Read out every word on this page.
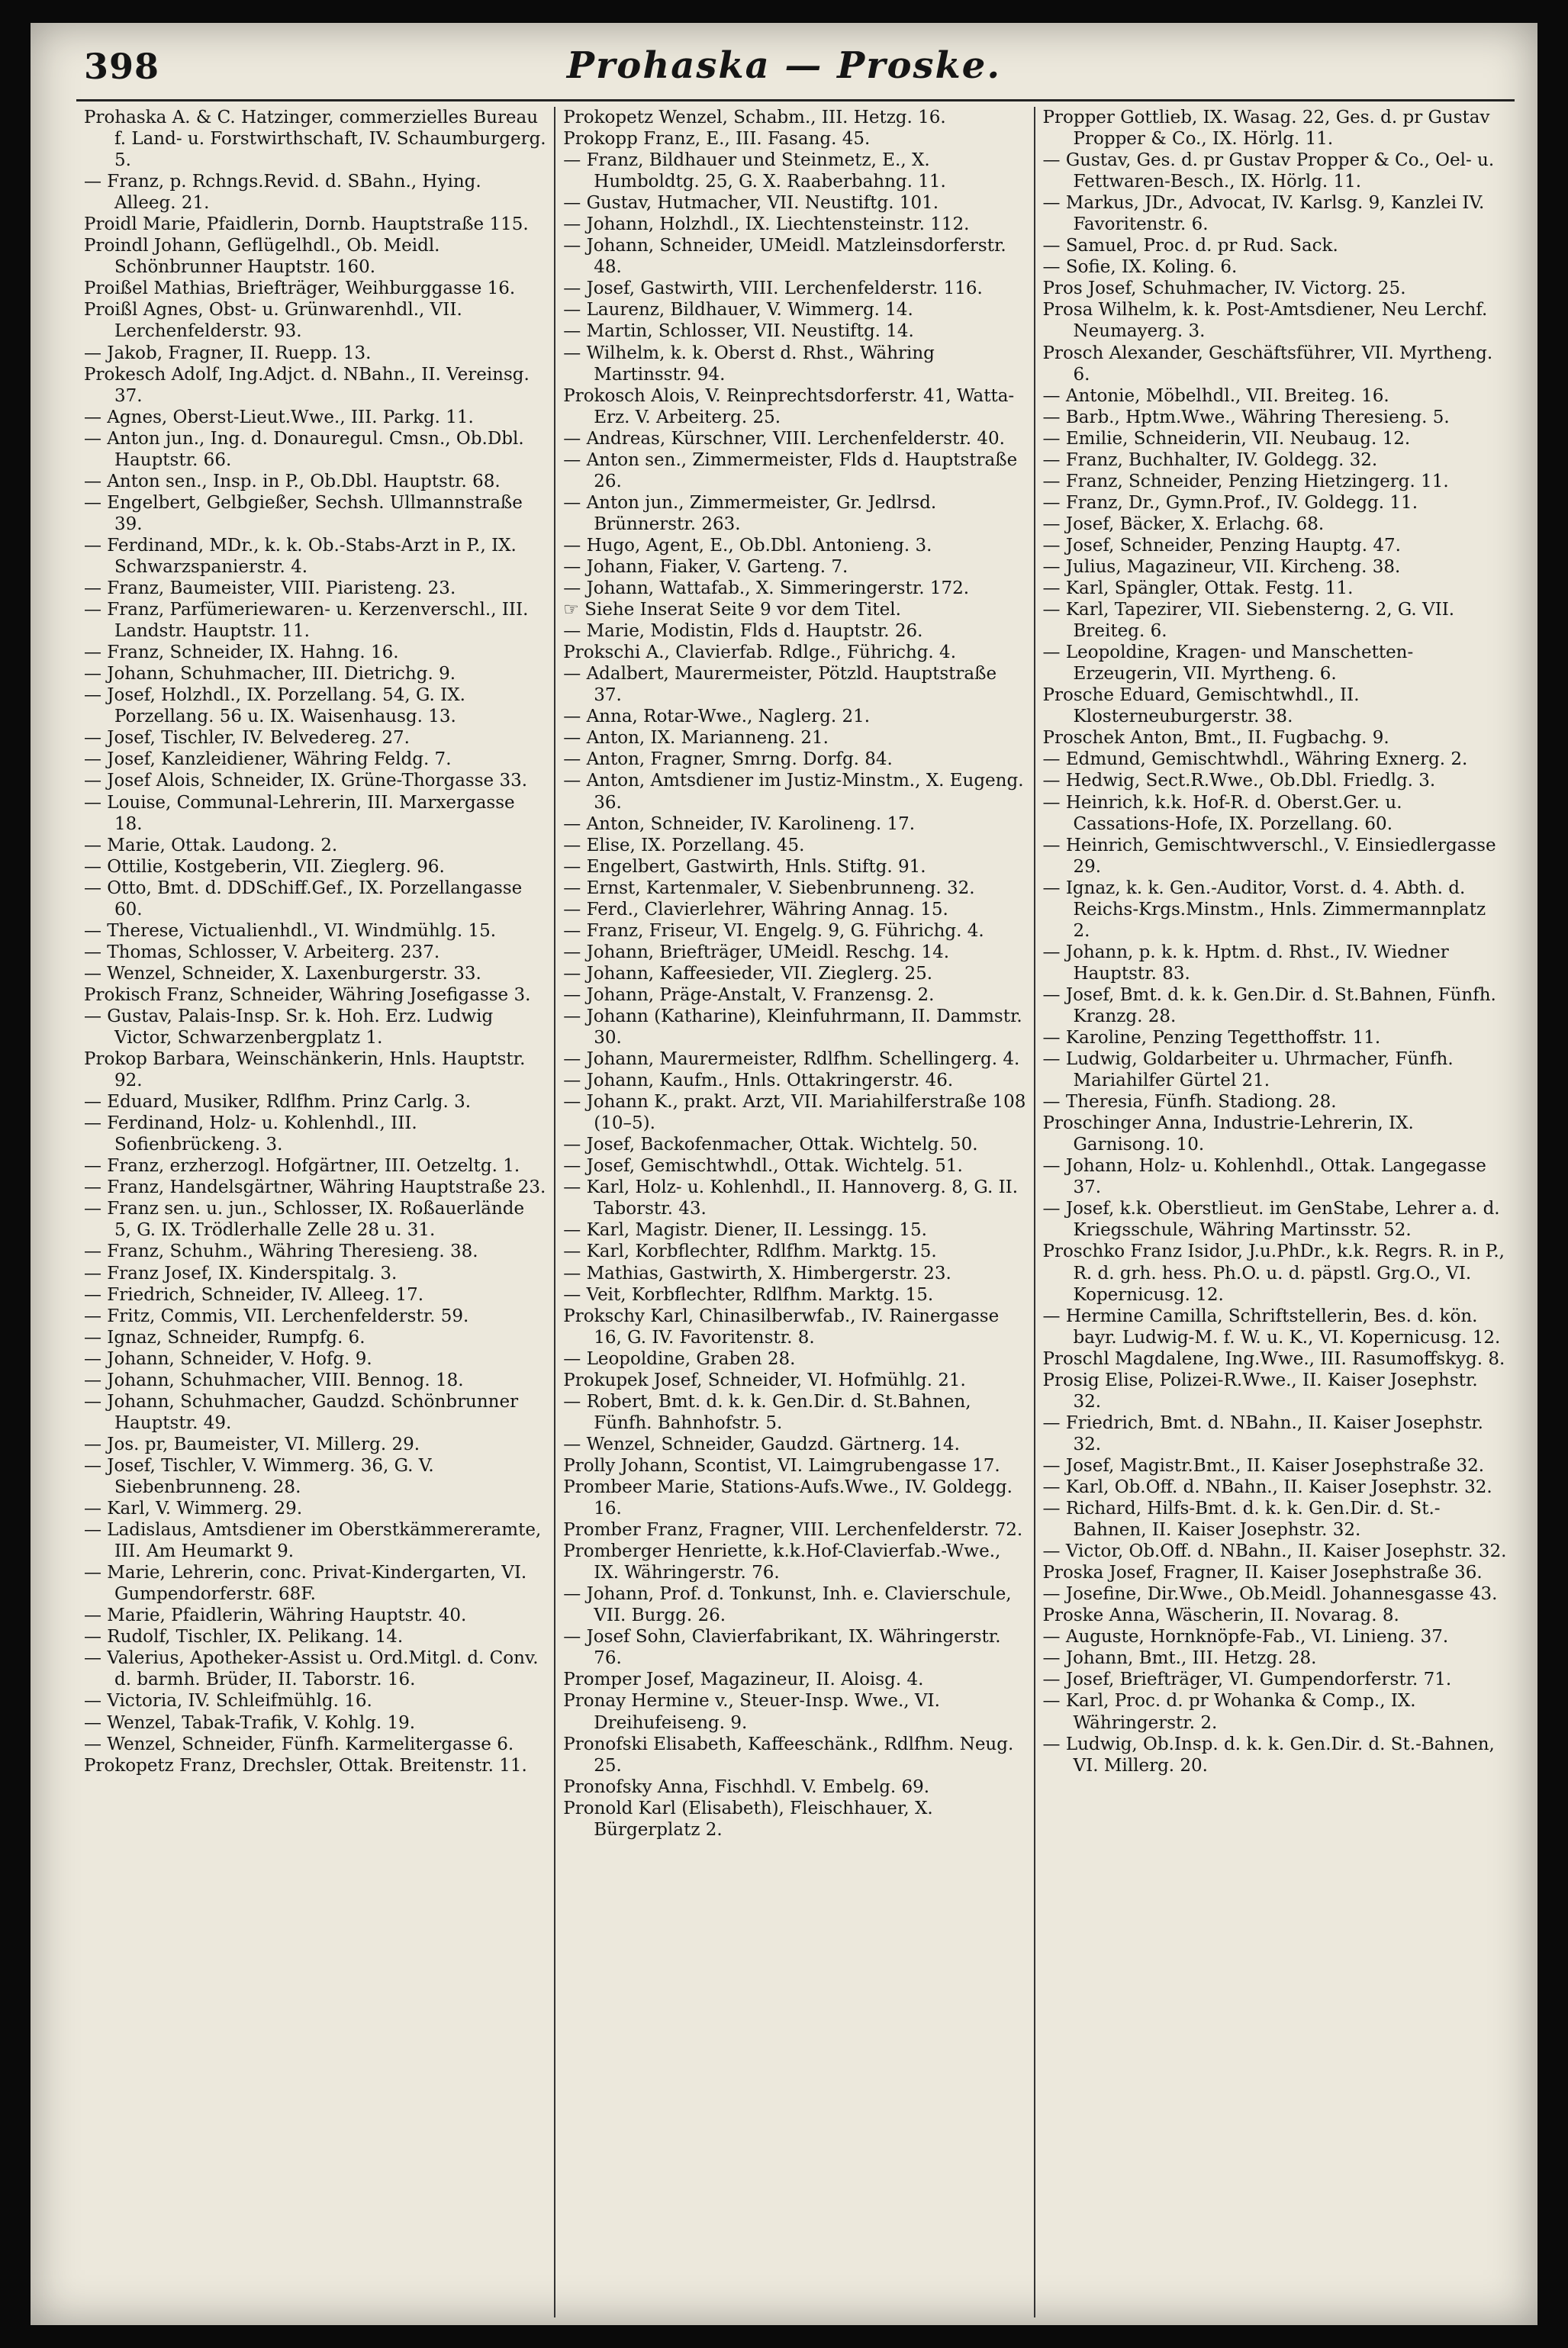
398	Prohaska — Proske.

Prohaska A. & C. Hatzinger, commerzielles Bureau f. Land- u. Forstwirthschaft, IV. Schaumburgerg. 5.

— Franz, p. Rchngs.Revid. d. SBahn., Hying. Alleeg. 21.

Proidl Marie, Pfaidlerin, Dornb. Hauptstraße 115.

Proindl Johann, Geflügelhdl., Ob. Meidl. Schönbrunner Hauptstr. 160.

Proißel Mathias, Briefträger, Weihburggasse 16.

Proißl Agnes, Obst- u. Grünwarenhdl., VII. Lerchenfelderstr. 93.

— Jakob, Fragner, II. Ruepp. 13.

Prokesch Adolf, Ing.Adjct. d. NBahn., II. Vereinsg. 37.

— Agnes, Oberst-Lieut.Wwe., III. Parkg. 11.

— Anton jun., Ing. d. Donauregul. Cmsn., Ob.Dbl. Hauptstr. 66.

— Anton sen., Insp. in P., Ob.Dbl. Hauptstr. 68.

— Engelbert, Gelbgießer, Sechsh. Ullmannstraße 39.

— Ferdinand, MDr., k. k. Ob.-Stabs-Arzt in P., IX. Schwarzspanierstr. 4.

— Franz, Baumeister, VIII. Piaristeng. 23.

— Franz, Parfümeriewaren- u. Kerzenverschl., III. Landstr. Hauptstr. 11.

— Franz, Schneider, IX. Hahng. 16.

— Johann, Schuhmacher, III. Dietrichg. 9.

— Josef, Holzhdl., IX. Porzellang. 54, G. IX. Porzellang. 56 u. IX. Waisenhausg. 13.

— Josef, Tischler, IV. Belvedereg. 27.

— Josef, Kanzleidiener, Währing Feldg. 7.

— Josef Alois, Schneider, IX. Grüne-Thorgasse 33.

— Louise, Communal-Lehrerin, III. Marxergasse 18.

— Marie, Ottak. Laudong. 2.

— Ottilie, Kostgeberin, VII. Zieglerg. 96.

— Otto, Bmt. d. DDSchiff.Gef., IX. Porzellangasse 60.

— Therese, Victualienhdl., VI. Windmühlg. 15.

— Thomas, Schlosser, V. Arbeiterg. 237.

— Wenzel, Schneider, X. Laxenburgerstr. 33.

Prokisch Franz, Schneider, Währing Josefigasse 3.

— Gustav, Palais-Insp. Sr. k. Hoh. Erz. Ludwig Victor, Schwarzenbergplatz 1.

Prokop Barbara, Weinschänkerin, Hnls. Hauptstr. 92.

— Eduard, Musiker, Rdlfhm. Prinz Carlg. 3.

— Ferdinand, Holz- u. Kohlenhdl., III. Sofienbrückeng. 3.

— Franz, erzherzogl. Hofgärtner, III. Oetzeltg. 1.

— Franz, Handelsgärtner, Währing Hauptstraße 23.

— Franz sen. u. jun., Schlosser, IX. Roßauerlände 5, G. IX. Trödlerhalle Zelle 28 u. 31.

— Franz, Schuhm., Währing Theresieng. 38.

— Franz Josef, IX. Kinderspitalg. 3.

— Friedrich, Schneider, IV. Alleeg. 17.

— Fritz, Commis, VII. Lerchenfelderstr. 59.

— Ignaz, Schneider, Rumpfg. 6.

— Johann, Schneider, V. Hofg. 9.

— Johann, Schuhmacher, VIII. Bennog. 18.

— Johann, Schuhmacher, Gaudzd. Schönbrunner Hauptstr. 49.

— Jos. pr, Baumeister, VI. Millerg. 29.

— Josef, Tischler, V. Wimmerg. 36, G. V. Siebenbrunneng. 28.

— Karl, V. Wimmerg. 29.

— Ladislaus, Amtsdiener im Oberstkämmereramte, III. Am Heumarkt 9.

— Marie, Lehrerin, conc. Privat-Kindergarten, VI. Gumpendorferstr. 68F.

— Marie, Pfaidlerin, Währing Hauptstr. 40.

— Rudolf, Tischler, IX. Pelikang. 14.

— Valerius, Apotheker-Assist u. Ord.Mitgl. d. Conv. d. barmh. Brüder, II. Taborstr. 16.

— Victoria, IV. Schleifmühlg. 16.

— Wenzel, Tabak-Trafik, V. Kohlg. 19.

— Wenzel, Schneider, Fünfh. Karmelitergasse 6.

Prokopetz Franz, Drechsler, Ottak. Breitenstr. 11.

Prokopetz Wenzel, Schabm., III. Hetzg. 16.

Prokopp Franz, E., III. Fasang. 45.

— Franz, Bildhauer und Steinmetz, E., X. Humboldtg. 25, G. X. Raaberbahng. 11.

— Gustav, Hutmacher, VII. Neustiftg. 101.

— Johann, Holzhdl., IX. Liechtensteinstr. 112.

— Johann, Schneider, UMeidl. Matzleinsdorferstr. 48.

— Josef, Gastwirth, VIII. Lerchenfelderstr. 116.

— Laurenz, Bildhauer, V. Wimmerg. 14.

— Martin, Schlosser, VII. Neustiftg. 14.

— Wilhelm, k. k. Oberst d. Rhst., Währing Martinsstr. 94.

Prokosch Alois, V. Reinprechtsdorferstr. 41, Watta-Erz. V. Arbeiterg. 25.

— Andreas, Kürschner, VIII. Lerchenfelderstr. 40.

— Anton sen., Zimmermeister, Flds d. Hauptstraße 26.

— Anton jun., Zimmermeister, Gr. Jedlrsd. Brünnerstr. 263.

— Hugo, Agent, E., Ob.Dbl. Antonieng. 3.

— Johann, Fiaker, V. Garteng. 7.

— Johann, Wattafab., X. Simmeringerstr. 172.

☞ Siehe Inserat Seite 9 vor dem Titel.

— Marie, Modistin, Flds d. Hauptstr. 26.

Prokschi A., Clavierfab. Rdlge., Führichg. 4.

— Adalbert, Maurermeister, Pötzld. Hauptstraße 37.

— Anna, Rotar-Wwe., Naglerg. 21.

— Anton, IX. Marianneng. 21.

— Anton, Fragner, Smrng. Dorfg. 84.

— Anton, Amtsdiener im Justiz-Minstm., X. Eugeng. 36.

— Anton, Schneider, IV. Karolineng. 17.

— Elise, IX. Porzellang. 45.

— Engelbert, Gastwirth, Hnls. Stiftg. 91.

— Ernst, Kartenmaler, V. Siebenbrunneng. 32.

— Ferd., Clavierlehrer, Währing Annag. 15.

— Franz, Friseur, VI. Engelg. 9, G. Führichg. 4.

— Johann, Briefträger, UMeidl. Reschg. 14.

— Johann, Kaffeesieder, VII. Zieglerg. 25.

— Johann, Präge-Anstalt, V. Franzensg. 2.

— Johann (Katharine), Kleinfuhrmann, II. Dammstr. 30.

— Johann, Maurermeister, Rdlfhm. Schellingerg. 4.

— Johann, Kaufm., Hnls. Ottakringerstr. 46.

— Johann K., prakt. Arzt, VII. Mariahilferstraße 108 (10–5).

— Josef, Backofenmacher, Ottak. Wichtelg. 50.

— Josef, Gemischtwhdl., Ottak. Wichtelg. 51.

— Karl, Holz- u. Kohlenhdl., II. Hannoverg. 8, G. II. Taborstr. 43.

— Karl, Magistr. Diener, II. Lessingg. 15.

— Karl, Korbflechter, Rdlfhm. Marktg. 15.

— Mathias, Gastwirth, X. Himbergerstr. 23.

— Veit, Korbflechter, Rdlfhm. Marktg. 15.

Prokschy Karl, Chinasilberwfab., IV. Rainergasse 16, G. IV. Favoritenstr. 8.

— Leopoldine, Graben 28.

Prokupek Josef, Schneider, VI. Hofmühlg. 21.

— Robert, Bmt. d. k. k. Gen.Dir. d. St.Bahnen, Fünfh. Bahnhofstr. 5.

— Wenzel, Schneider, Gaudzd. Gärtnerg. 14.

Prolly Johann, Scontist, VI. Laimgrubengasse 17.

Prombeer Marie, Stations-Aufs.Wwe., IV. Goldegg. 16.

Promber Franz, Fragner, VIII. Lerchenfelderstr. 72.

Promberger Henriette, k.k.Hof-Clavierfab.-Wwe., IX. Währingerstr. 76.

— Johann, Prof. d. Tonkunst, Inh. e. Clavierschule, VII. Burgg. 26.

— Josef Sohn, Clavierfabrikant, IX. Währingerstr. 76.

Promper Josef, Magazineur, II. Aloisg. 4.

Pronay Hermine v., Steuer-Insp. Wwe., VI. Dreihufeiseng. 9.

Pronofski Elisabeth, Kaffeeschänk., Rdlfhm. Neug. 25.

Pronofsky Anna, Fischhdl. V. Embelg. 69.

Pronold Karl (Elisabeth), Fleischhauer, X. Bürgerplatz 2.

Propper Gottlieb, IX. Wasag. 22, Ges. d. pr Gustav Propper & Co., IX. Hörlg. 11.

— Gustav, Ges. d. pr Gustav Propper & Co., Oel- u. Fettwaren-Besch., IX. Hörlg. 11.

— Markus, JDr., Advocat, IV. Karlsg. 9, Kanzlei IV. Favoritenstr. 6.

— Samuel, Proc. d. pr Rud. Sack.

— Sofie, IX. Koling. 6.

Pros Josef, Schuhmacher, IV. Victorg. 25.

Prosa Wilhelm, k. k. Post-Amtsdiener, Neu Lerchf. Neumayerg. 3.

Prosch Alexander, Geschäftsführer, VII. Myrtheng. 6.

— Antonie, Möbelhdl., VII. Breiteg. 16.

— Barb., Hptm.Wwe., Währing Theresieng. 5.

— Emilie, Schneiderin, VII. Neubaug. 12.

— Franz, Buchhalter, IV. Goldegg. 32.

— Franz, Schneider, Penzing Hietzingerg. 11.

— Franz, Dr., Gymn.Prof., IV. Goldegg. 11.

— Josef, Bäcker, X. Erlachg. 68.

— Josef, Schneider, Penzing Hauptg. 47.

— Julius, Magazineur, VII. Kircheng. 38.

— Karl, Spängler, Ottak. Festg. 11.

— Karl, Tapezirer, VII. Siebensterng. 2, G. VII. Breiteg. 6.

— Leopoldine, Kragen- und Manschetten-Erzeugerin, VII. Myrtheng. 6.

Prosche Eduard, Gemischtwhdl., II. Klosterneuburgerstr. 38.

Proschek Anton, Bmt., II. Fugbachg. 9.

— Edmund, Gemischtwhdl., Währing Exnerg. 2.

— Hedwig, Sect.R.Wwe., Ob.Dbl. Friedlg. 3.

— Heinrich, k.k. Hof-R. d. Oberst.Ger. u. Cassations-Hofe, IX. Porzellang. 60.

— Heinrich, Gemischtwverschl., V. Einsiedlergasse 29.

— Ignaz, k. k. Gen.-Auditor, Vorst. d. 4. Abth. d. Reichs-Krgs.Minstm., Hnls. Zimmermannplatz 2.

— Johann, p. k. k. Hptm. d. Rhst., IV. Wiedner Hauptstr. 83.

— Josef, Bmt. d. k. k. Gen.Dir. d. St.Bahnen, Fünfh. Kranzg. 28.

— Karoline, Penzing Tegetthoffstr. 11.

— Ludwig, Goldarbeiter u. Uhrmacher, Fünfh. Mariahilfer Gürtel 21.

— Theresia, Fünfh. Stadiong. 28.

Proschinger Anna, Industrie-Lehrerin, IX. Garnisong. 10.

— Johann, Holz- u. Kohlenhdl., Ottak. Langegasse 37.

— Josef, k.k. Oberstlieut. im GenStabe, Lehrer a. d. Kriegsschule, Währing Martinsstr. 52.

Proschko Franz Isidor, J.u.PhDr., k.k. Regrs. R. in P., R. d. grh. hess. Ph.O. u. d. päpstl. Grg.O., VI. Kopernicusg. 12.

— Hermine Camilla, Schriftstellerin, Bes. d. kön. bayr. Ludwig-M. f. W. u. K., VI. Kopernicusg. 12.

Proschl Magdalene, Ing.Wwe., III. Rasumoffskyg. 8.

Prosig Elise, Polizei-R.Wwe., II. Kaiser Josephstr. 32.

— Friedrich, Bmt. d. NBahn., II. Kaiser Josephstr. 32.

— Josef, Magistr.Bmt., II. Kaiser Josephstraße 32.

— Karl, Ob.Off. d. NBahn., II. Kaiser Josephstr. 32.

— Richard, Hilfs-Bmt. d. k. k. Gen.Dir. d. St.-Bahnen, II. Kaiser Josephstr. 32.

— Victor, Ob.Off. d. NBahn., II. Kaiser Josephstr. 32.

Proska Josef, Fragner, II. Kaiser Josephstraße 36.

— Josefine, Dir.Wwe., Ob.Meidl. Johannesgasse 43.

Proske Anna, Wäscherin, II. Novarag. 8.

— Auguste, Hornknöpfe-Fab., VI. Linieng. 37.

— Johann, Bmt., III. Hetzg. 28.

— Josef, Briefträger, VI. Gumpendorferstr. 71.

— Karl, Proc. d. pr Wohanka & Comp., IX. Währingerstr. 2.

— Ludwig, Ob.Insp. d. k. k. Gen.Dir. d. St.-Bahnen, VI. Millerg. 20.
